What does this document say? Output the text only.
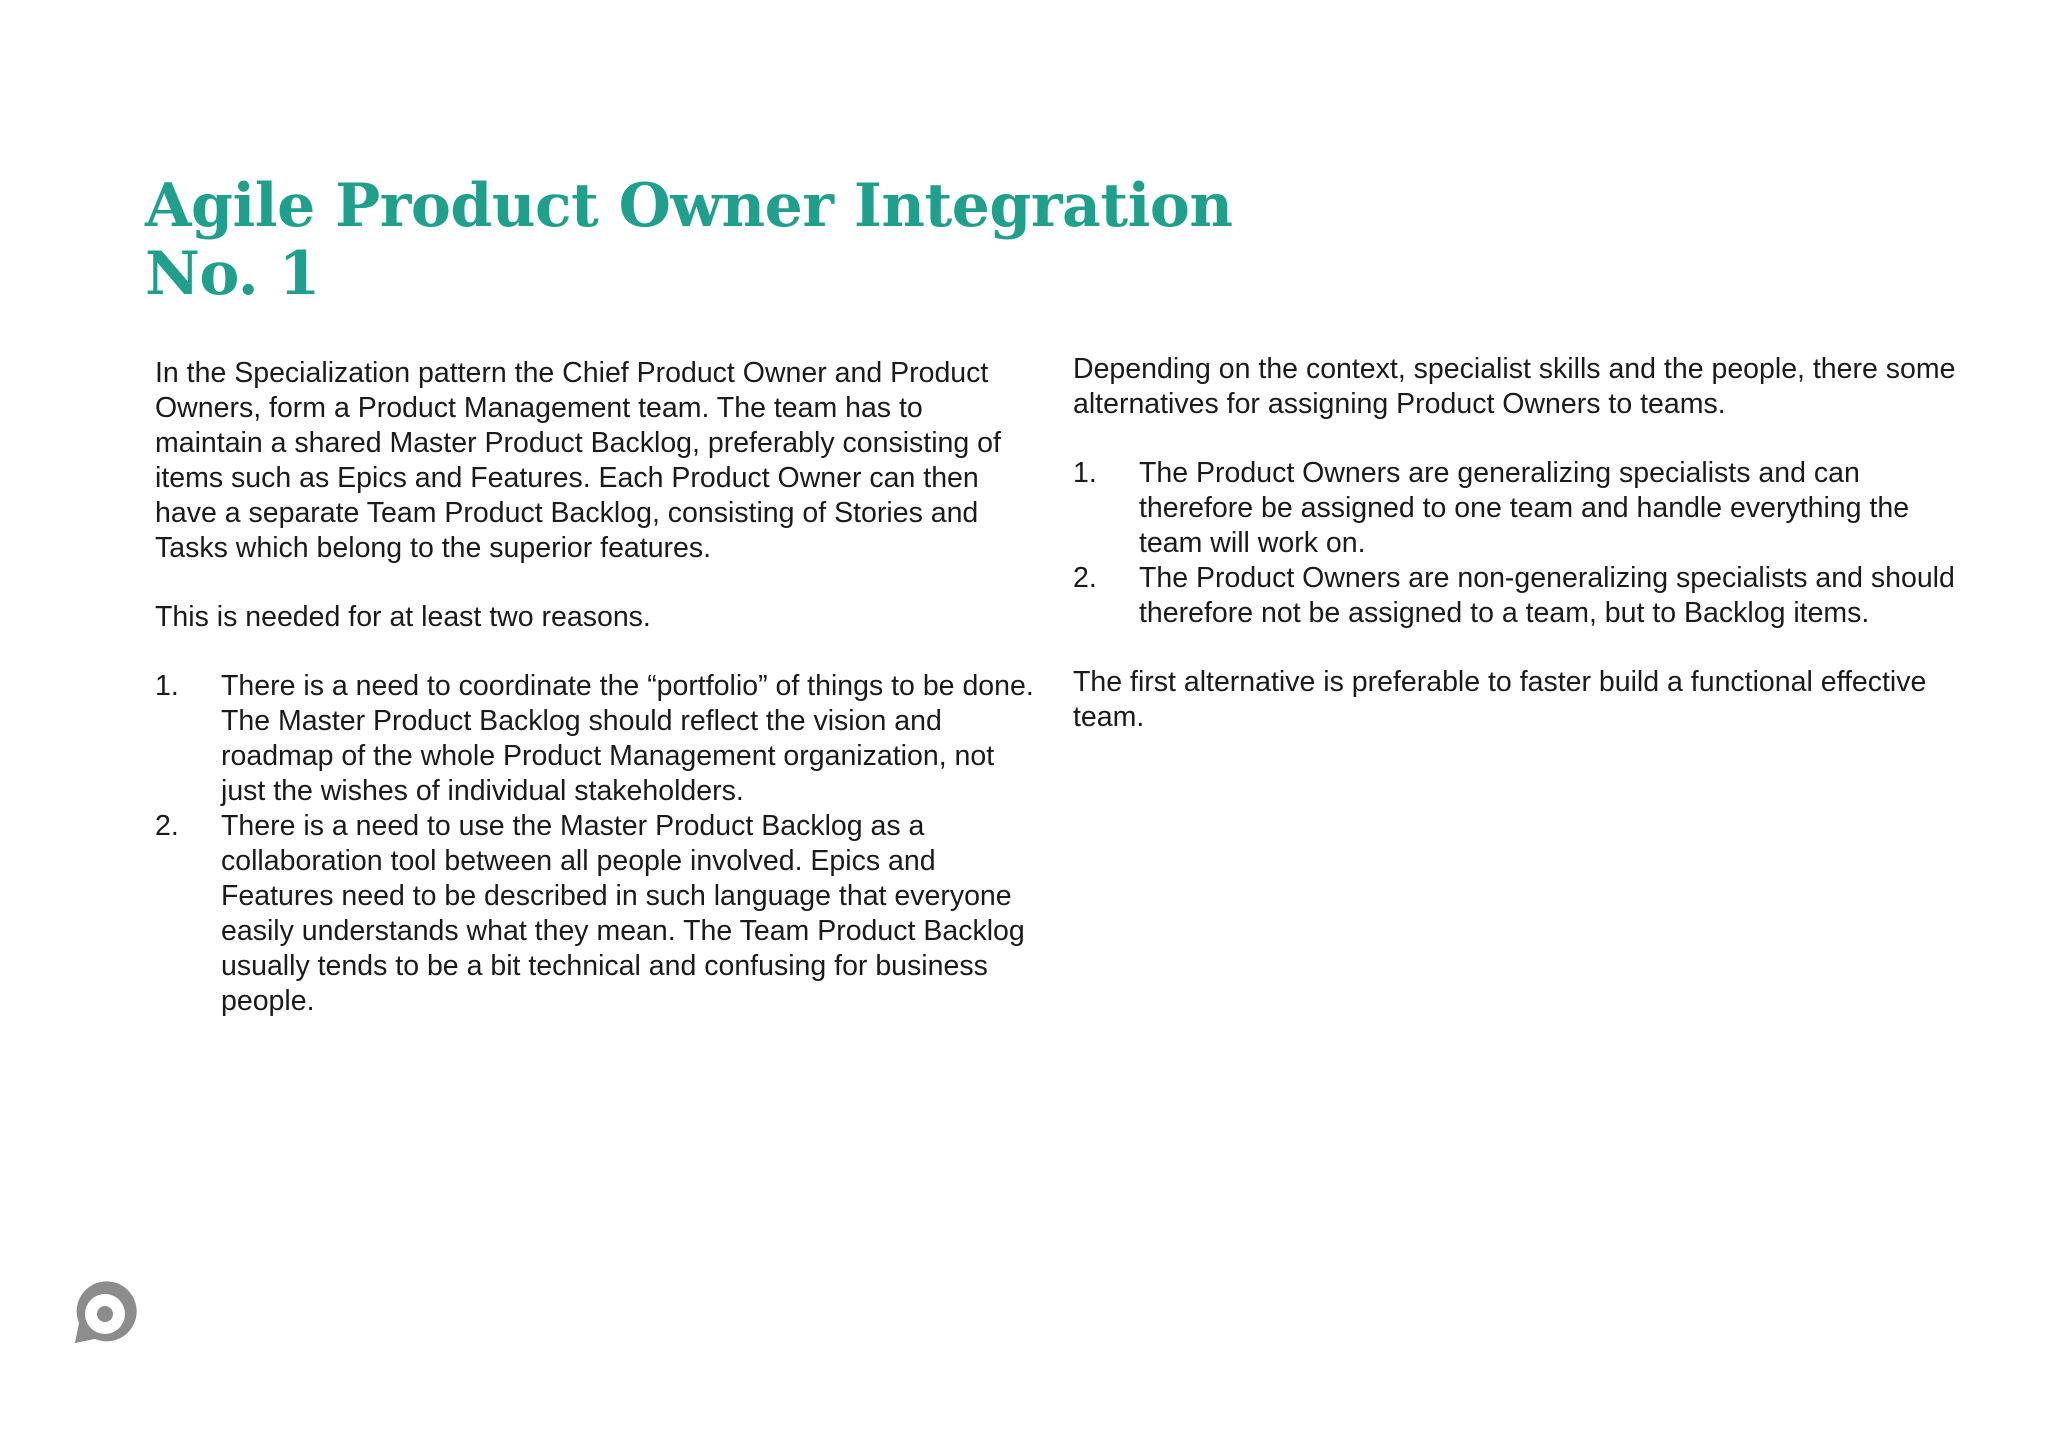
Agile Product Owner Integration
No. 1

In the Specialization pattern the Chief Product Owner and Product Owners, form a Product Management team. The team has to maintain a shared Master Product Backlog, preferably consisting of items such as Epics and Features. Each Product Owner can then have a separate Team Product Backlog, consisting of Stories and Tasks which belong to the superior features.

This is needed for at least two reasons.

1. There is a need to coordinate the “portfolio” of things to be done. The Master Product Backlog should reflect the vision and roadmap of the whole Product Management organization, not just the wishes of individual stakeholders.
2. There is a need to use the Master Product Backlog as a collaboration tool between all people involved. Epics and Features need to be described in such language that everyone easily understands what they mean. The Team Product Backlog usually tends to be a bit technical and confusing for business people.

Depending on the context, specialist skills and the people, there some alternatives for assigning Product Owners to teams.

1. The Product Owners are generalizing specialists and can therefore be assigned to one team and handle everything the team will work on.
2. The Product Owners are non-generalizing specialists and should therefore not be assigned to a team, but to Backlog items.

The first alternative is preferable to faster build a functional effective team.
